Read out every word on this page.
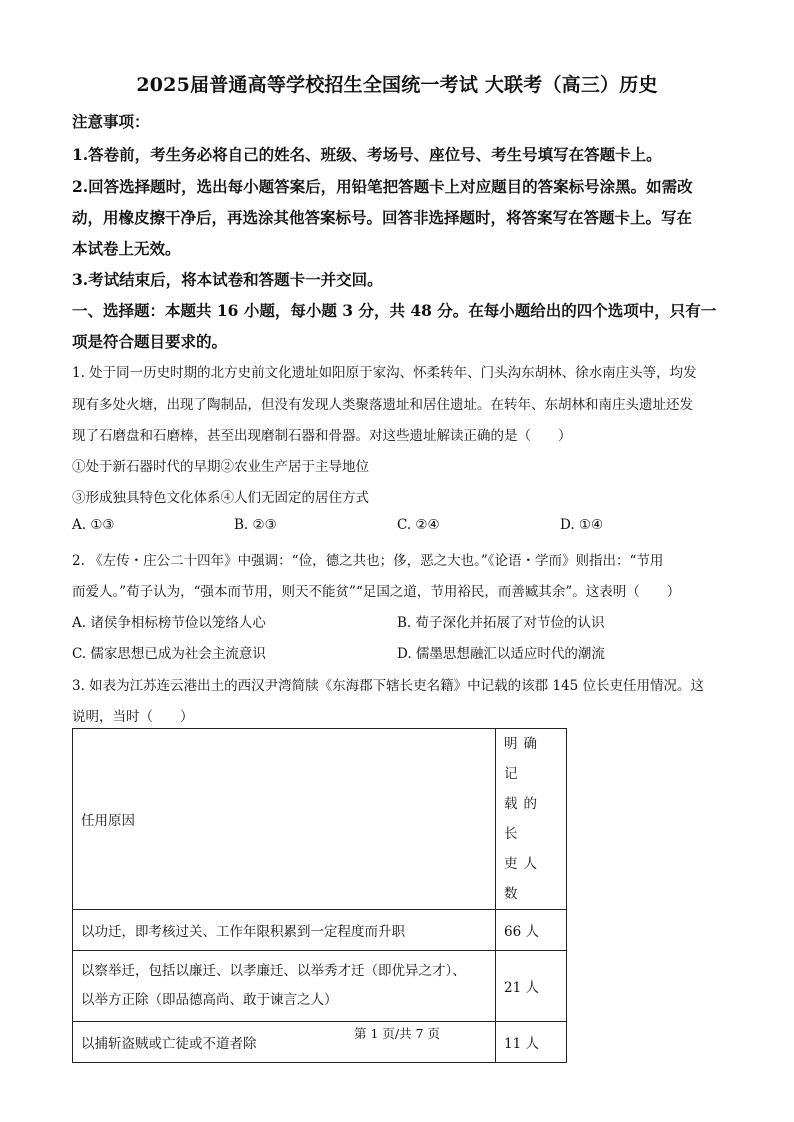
2025届普通高等学校招生全国统一考试 大联考（高三）历史
注意事项：
1.答卷前，考生务必将自己的姓名、班级、考场号、座位号、考生号填写在答题卡上。
2.回答选择题时，选出每小题答案后，用铅笔把答题卡上对应题目的答案标号涂黑。如需改
动，用橡皮擦干净后，再选涂其他答案标号。回答非选择题时，将答案写在答题卡上。写在
本试卷上无效。
3.考试结束后，将本试卷和答题卡一并交回。
一、选择题：本题共 16 小题，每小题 3 分，共 48 分。在每小题给出的四个选项中，只有一
项是符合题目要求的。
1. 处于同一历史时期的北方史前文化遗址如阳原于家沟、怀柔转年、门头沟东胡林、徐水南庄头等，均发
现有多处火塘，出现了陶制品，但没有发现人类聚落遗址和居住遗址。在转年、东胡林和南庄头遗址还发
现了石磨盘和石磨棒，甚至出现磨制石器和骨器。对这些遗址解读正确的是（　　）
①处于新石器时代的早期②农业生产居于主导地位
③形成独具特色文化体系④人们无固定的居住方式
A. ①③	B. ②③	C. ②④	D. ①④
2. 《左传・庄公二十四年》中强调：“俭，德之共也；侈，恶之大也。”《论语・学而》则指出：“节用
而爱人。”荀子认为，“强本而节用，则天不能贫”“足国之道，节用裕民，而善臧其余”。这表明（　　）
A. 诸侯争相标榜节俭以笼络人心	B. 荀子深化并拓展了对节俭的认识
C. 儒家思想已成为社会主流意识	D. 儒墨思想融汇以适应时代的潮流
3. 如表为江苏连云港出土的西汉尹湾简牍《东海郡下辖长吏名籍》中记载的该郡 145 位长吏任用情况。这
说明，当时（　　）
任用原因	明确记
载的长
吏人数

以功迁，即考核过关、工作年限积累到一定程度而升职	66 人

以察举迁，包括以廉迁、以孝廉迁、以举秀才迁（即优异之才）、
以举方正除（即品德高尚、敢于谏言之人）	21 人
以捕斩盗贼或亡徒或不道者除	11 人
第 1 页/共 7 页
